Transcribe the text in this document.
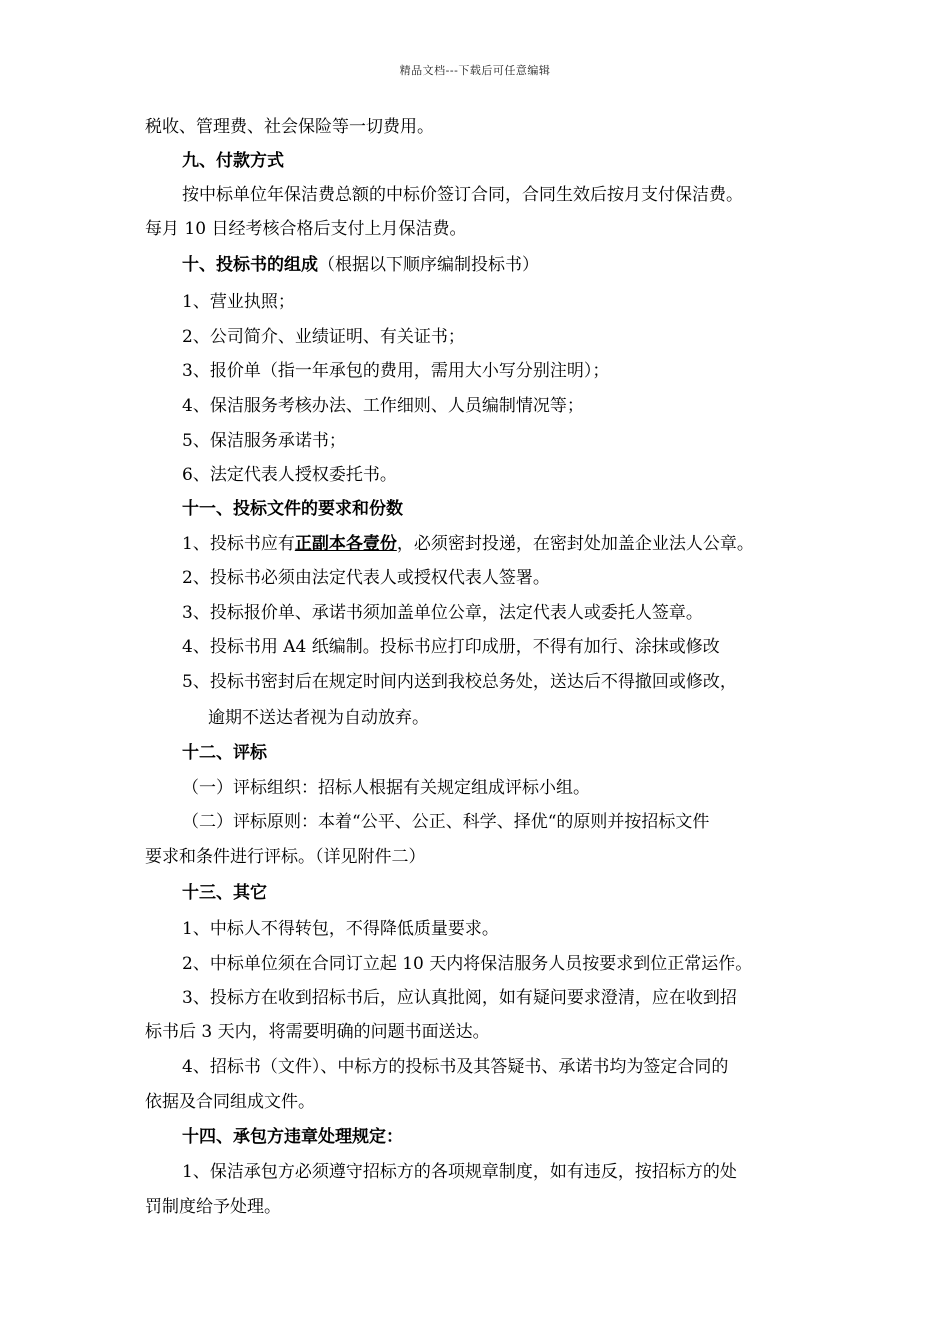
精品文档---下载后可任意编辑
税收、管理费、社会保险等一切费用。
九、付款方式
按中标单位年保洁费总额的中标价签订合同，合同生效后按月支付保洁费。
每月 10 日经考核合格后支付上月保洁费。
十、投标书的组成（根据以下顺序编制投标书）
1、营业执照；
2、公司简介、业绩证明、有关证书；
3、报价单（指一年承包的费用，需用大小写分别注明）；
4、保洁服务考核办法、工作细则、人员编制情况等；
5、保洁服务承诺书；
6、法定代表人授权委托书。
十一、投标文件的要求和份数
1、投标书应有正副本各壹份，必须密封投递，在密封处加盖企业法人公章。
2、投标书必须由法定代表人或授权代表人签署。
3、投标报价单、承诺书须加盖单位公章，法定代表人或委托人签章。
4、投标书用 A4 纸编制。投标书应打印成册，不得有加行、涂抹或修改
5、投标书密封后在规定时间内送到我校总务处，送达后不得撤回或修改，
逾期不送达者视为自动放弃。
十二、评标
（一）评标组织：招标人根据有关规定组成评标小组。
（二）评标原则：本着“公平、公正、科学、择优“的原则并按招标文件
要求和条件进行评标。（详见附件二）
十三、其它
1、中标人不得转包，不得降低质量要求。
2、中标单位须在合同订立起 10 天内将保洁服务人员按要求到位正常运作。
3、投标方在收到招标书后，应认真批阅，如有疑问要求澄清，应在收到招
标书后 3 天内，将需要明确的问题书面送达。
4、招标书（文件）、中标方的投标书及其答疑书、承诺书均为签定合同的
依据及合同组成文件。
十四、承包方违章处理规定：
1、保洁承包方必须遵守招标方的各项规章制度，如有违反，按招标方的处
罚制度给予处理。
